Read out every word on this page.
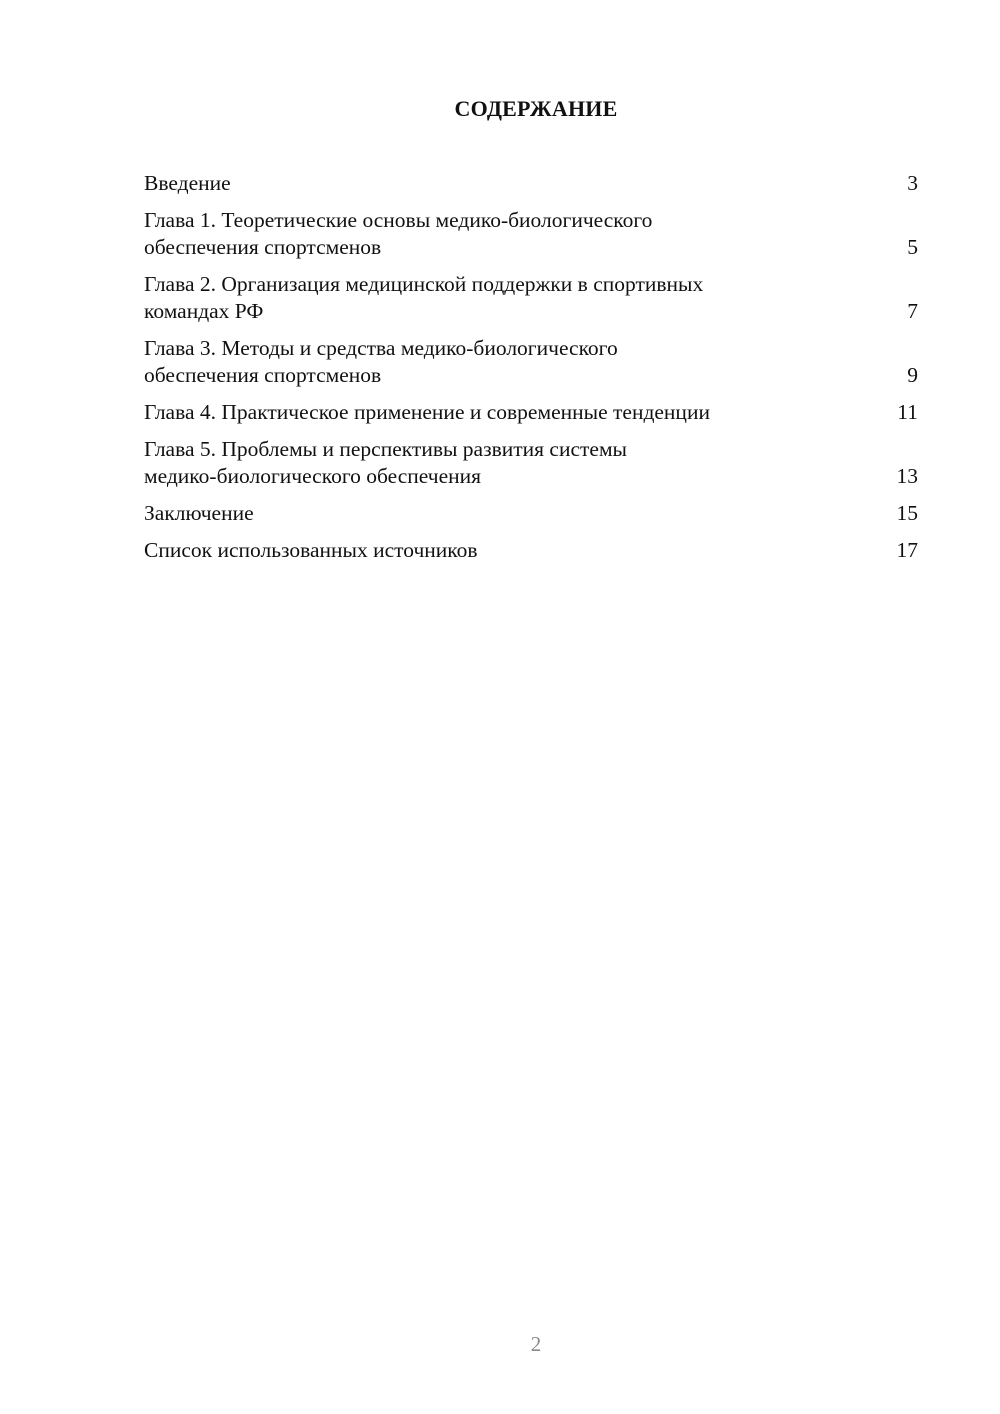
СОДЕРЖАНИЕ
Введение	3
Глава 1. Теоретические основы медико-биологического
обеспечения спортсменов	5
Глава 2. Организация медицинской поддержки в спортивных
командах РФ	7
Глава 3. Методы и средства медико-биологического
обеспечения спортсменов	9
Глава 4. Практическое применение и современные тенденции	11
Глава 5. Проблемы и перспективы развития системы
медико-биологического обеспечения	13
Заключение	15
Список использованных источников	17
2
